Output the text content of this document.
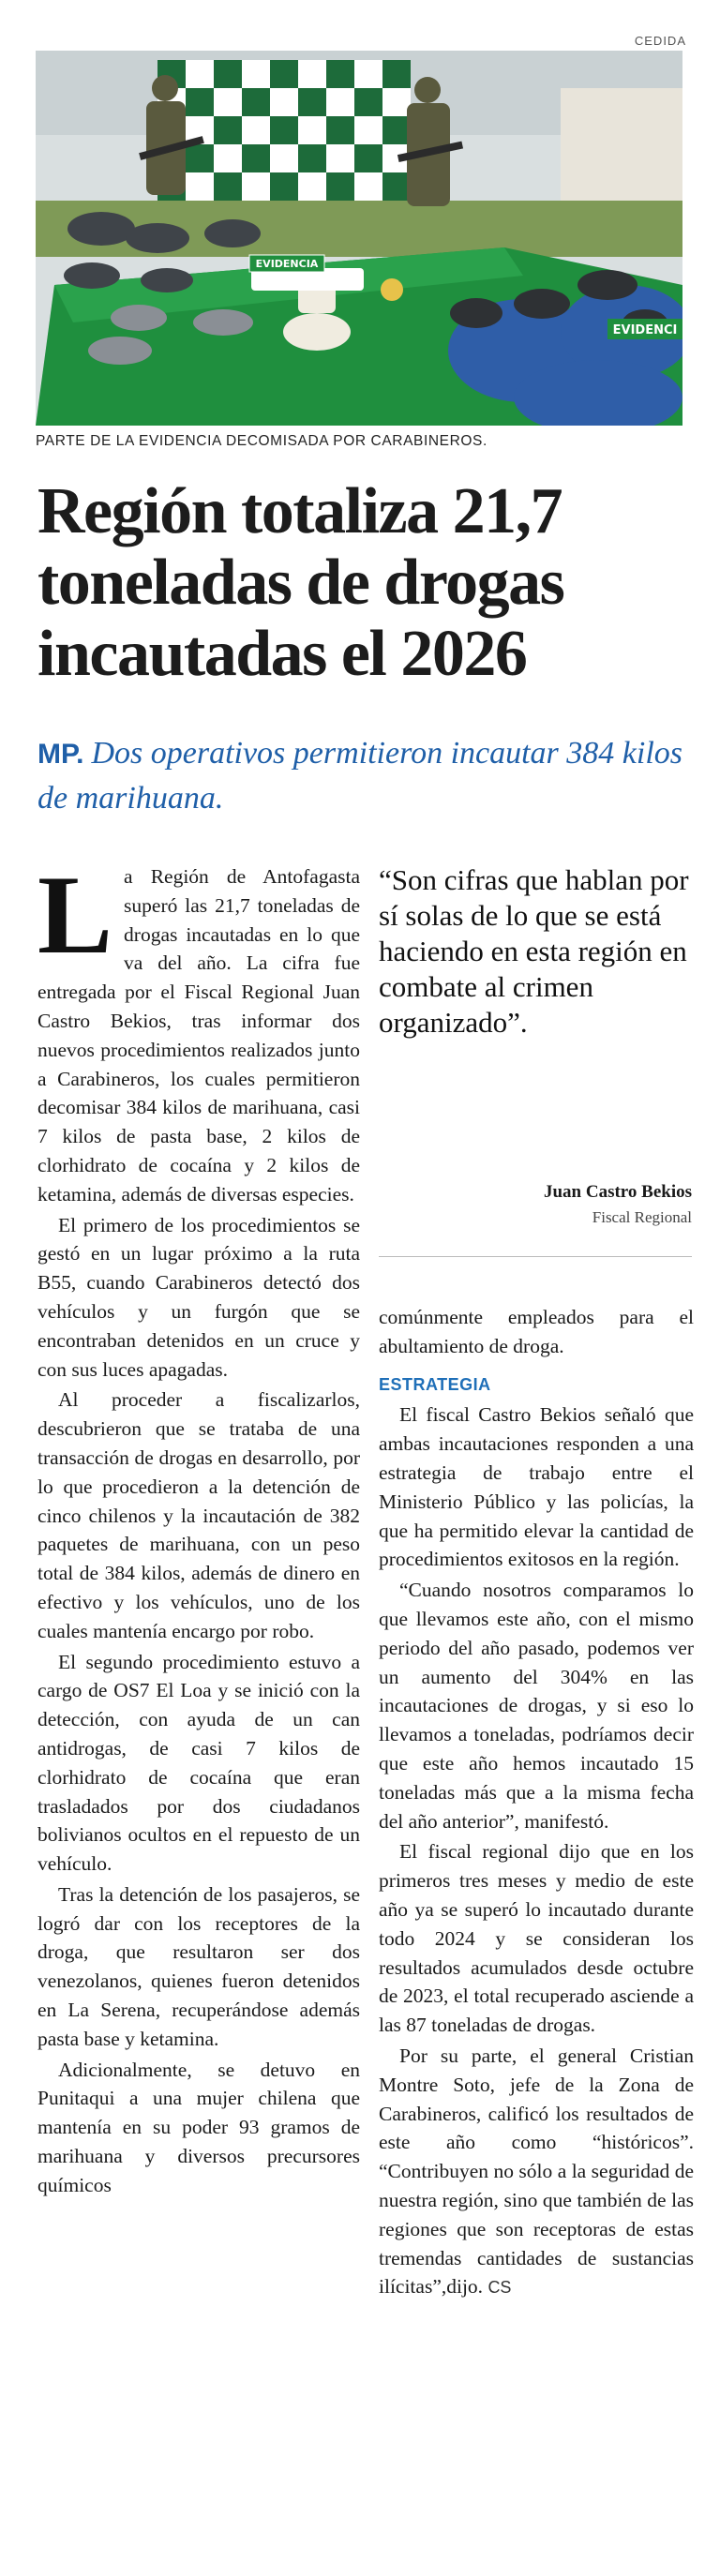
CEDIDA
EVIDENCIA
EVIDENCI
PARTE DE LA EVIDENCIA DECOMISADA POR CARABINEROS.
Región totaliza 21,7 toneladas de drogas incautadas el 2026
MP. Dos operativos permitieron incautar 384 kilos de marihuana.

La Región de Antofagasta superó las 21,7 toneladas de drogas incautadas en lo que va del año. La cifra fue entregada por el Fiscal Regional Juan Castro Bekios, tras informar dos nuevos procedimientos realizados junto a Carabineros, los cuales permitieron decomisar 384 kilos de marihuana, casi 7 kilos de pasta base, 2 kilos de clorhidrato de cocaína y 2 kilos de ketamina, además de diversas especies.

El primero de los procedimientos se gestó en un lugar próximo a la ruta B55, cuando Carabineros detectó dos vehículos y un furgón que se encontraban detenidos en un cruce y con sus luces apagadas.

Al proceder a fiscalizarlos, descubrieron que se trataba de una transacción de drogas en desarrollo, por lo que procedieron a la detención de cinco chilenos y la incautación de 382 paquetes de marihuana, con un peso total de 384 kilos, además de dinero en efectivo y los vehículos, uno de los cuales mantenía encargo por robo.

El segundo procedimiento estuvo a cargo de OS7 El Loa y se inició con la detección, con ayuda de un can antidrogas, de casi 7 kilos de clorhidrato de cocaína que eran trasladados por dos ciudadanos bolivianos ocultos en el repuesto de un vehículo.

Tras la detención de los pasajeros, se logró dar con los receptores de la droga, que resultaron ser dos venezolanos, quienes fueron detenidos en La Serena, recuperándose además pasta base y ketamina.

Adicionalmente, se detuvo en Punitaqui a una mujer chilena que mantenía en su poder 93 gramos de marihuana y diversos precursores químicos

“Son cifras que hablan por sí solas de lo que se está haciendo en esta región en combate al crimen organizado”.
Juan Castro Bekios
Fiscal Regional

comúnmente empleados para el abultamiento de droga.

ESTRATEGIA

El fiscal Castro Bekios señaló que ambas incautaciones responden a una estrategia de trabajo entre el Ministerio Público y las policías, la que ha permitido elevar la cantidad de procedimientos exitosos en la región.

“Cuando nosotros comparamos lo que llevamos este año, con el mismo periodo del año pasado, podemos ver un aumento del 304% en las incautaciones de drogas, y si eso lo llevamos a toneladas, podríamos decir que este año hemos incautado 15 toneladas más que a la misma fecha del año anterior”, manifestó.

El fiscal regional dijo que en los primeros tres meses y medio de este año ya se superó lo incautado durante todo 2024 y se consideran los resultados acumulados desde octubre de 2023, el total recuperado asciende a las 87 toneladas de drogas.

Por su parte, el general Cristian Montre Soto, jefe de la Zona de Carabineros, calificó los resultados de este año como “históricos”. “Contribuyen no sólo a la seguridad de nuestra región, sino que también de las regiones que son receptoras de estas tremendas cantidades de sustancias ilícitas”,dijo. CS
